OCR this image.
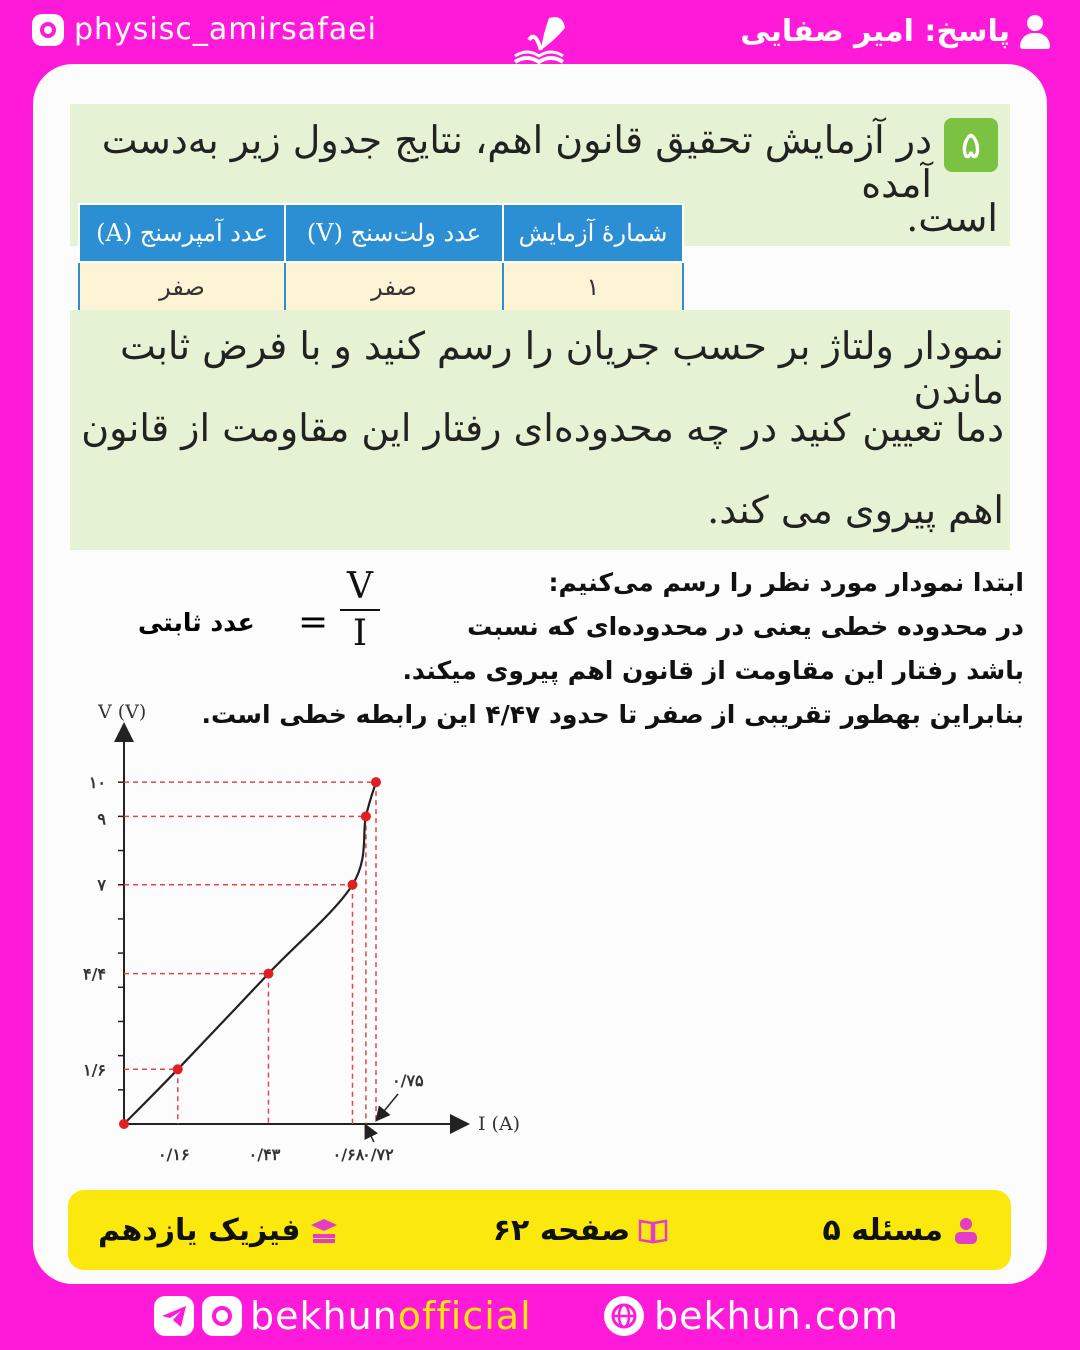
physisc_amirsafaei	پاسخ: امیر صفایی
۵
در آزمایش تحقیق قانون اهم، نتایج جدول زیر به‌دست آمده
است.
شمارهٔ آزمایش	عدد ولت‌سنج (V)	عدد آمپرسنج (A)
۱	صفر	صفر
نمودار ولتاژ بر حسب جریان را رسم کنید و با فرض ثابت ماندن
دما تعیین کنید در چه محدوده‌ای رفتار این مقاومت از قانون
اهم پیروی می کند.
ابتدا نمودار مورد نظر را رسم می‌کنیم:
در محدوده خطی یعنی در محدوده‌ای که نسبت
V
I
=
عدد ثابتی
باشد رفتار این مقاومت از قانون اهم پیروی میکند.
بنابراین بهطور تقریبی از صفر تا حدود ۴/۴۷ این رابطه خطی است.
V (V)
I (A)
۰/۱۶	۰/۴۳	۰/۶۸
۰/۷۲
۱/۶
۴/۴
۷
۹
۱۰
۰/۷۵
مسئله ۵
صفحه ۶۲
فیزیک یازدهم
bekhunofficial	bekhun.com
